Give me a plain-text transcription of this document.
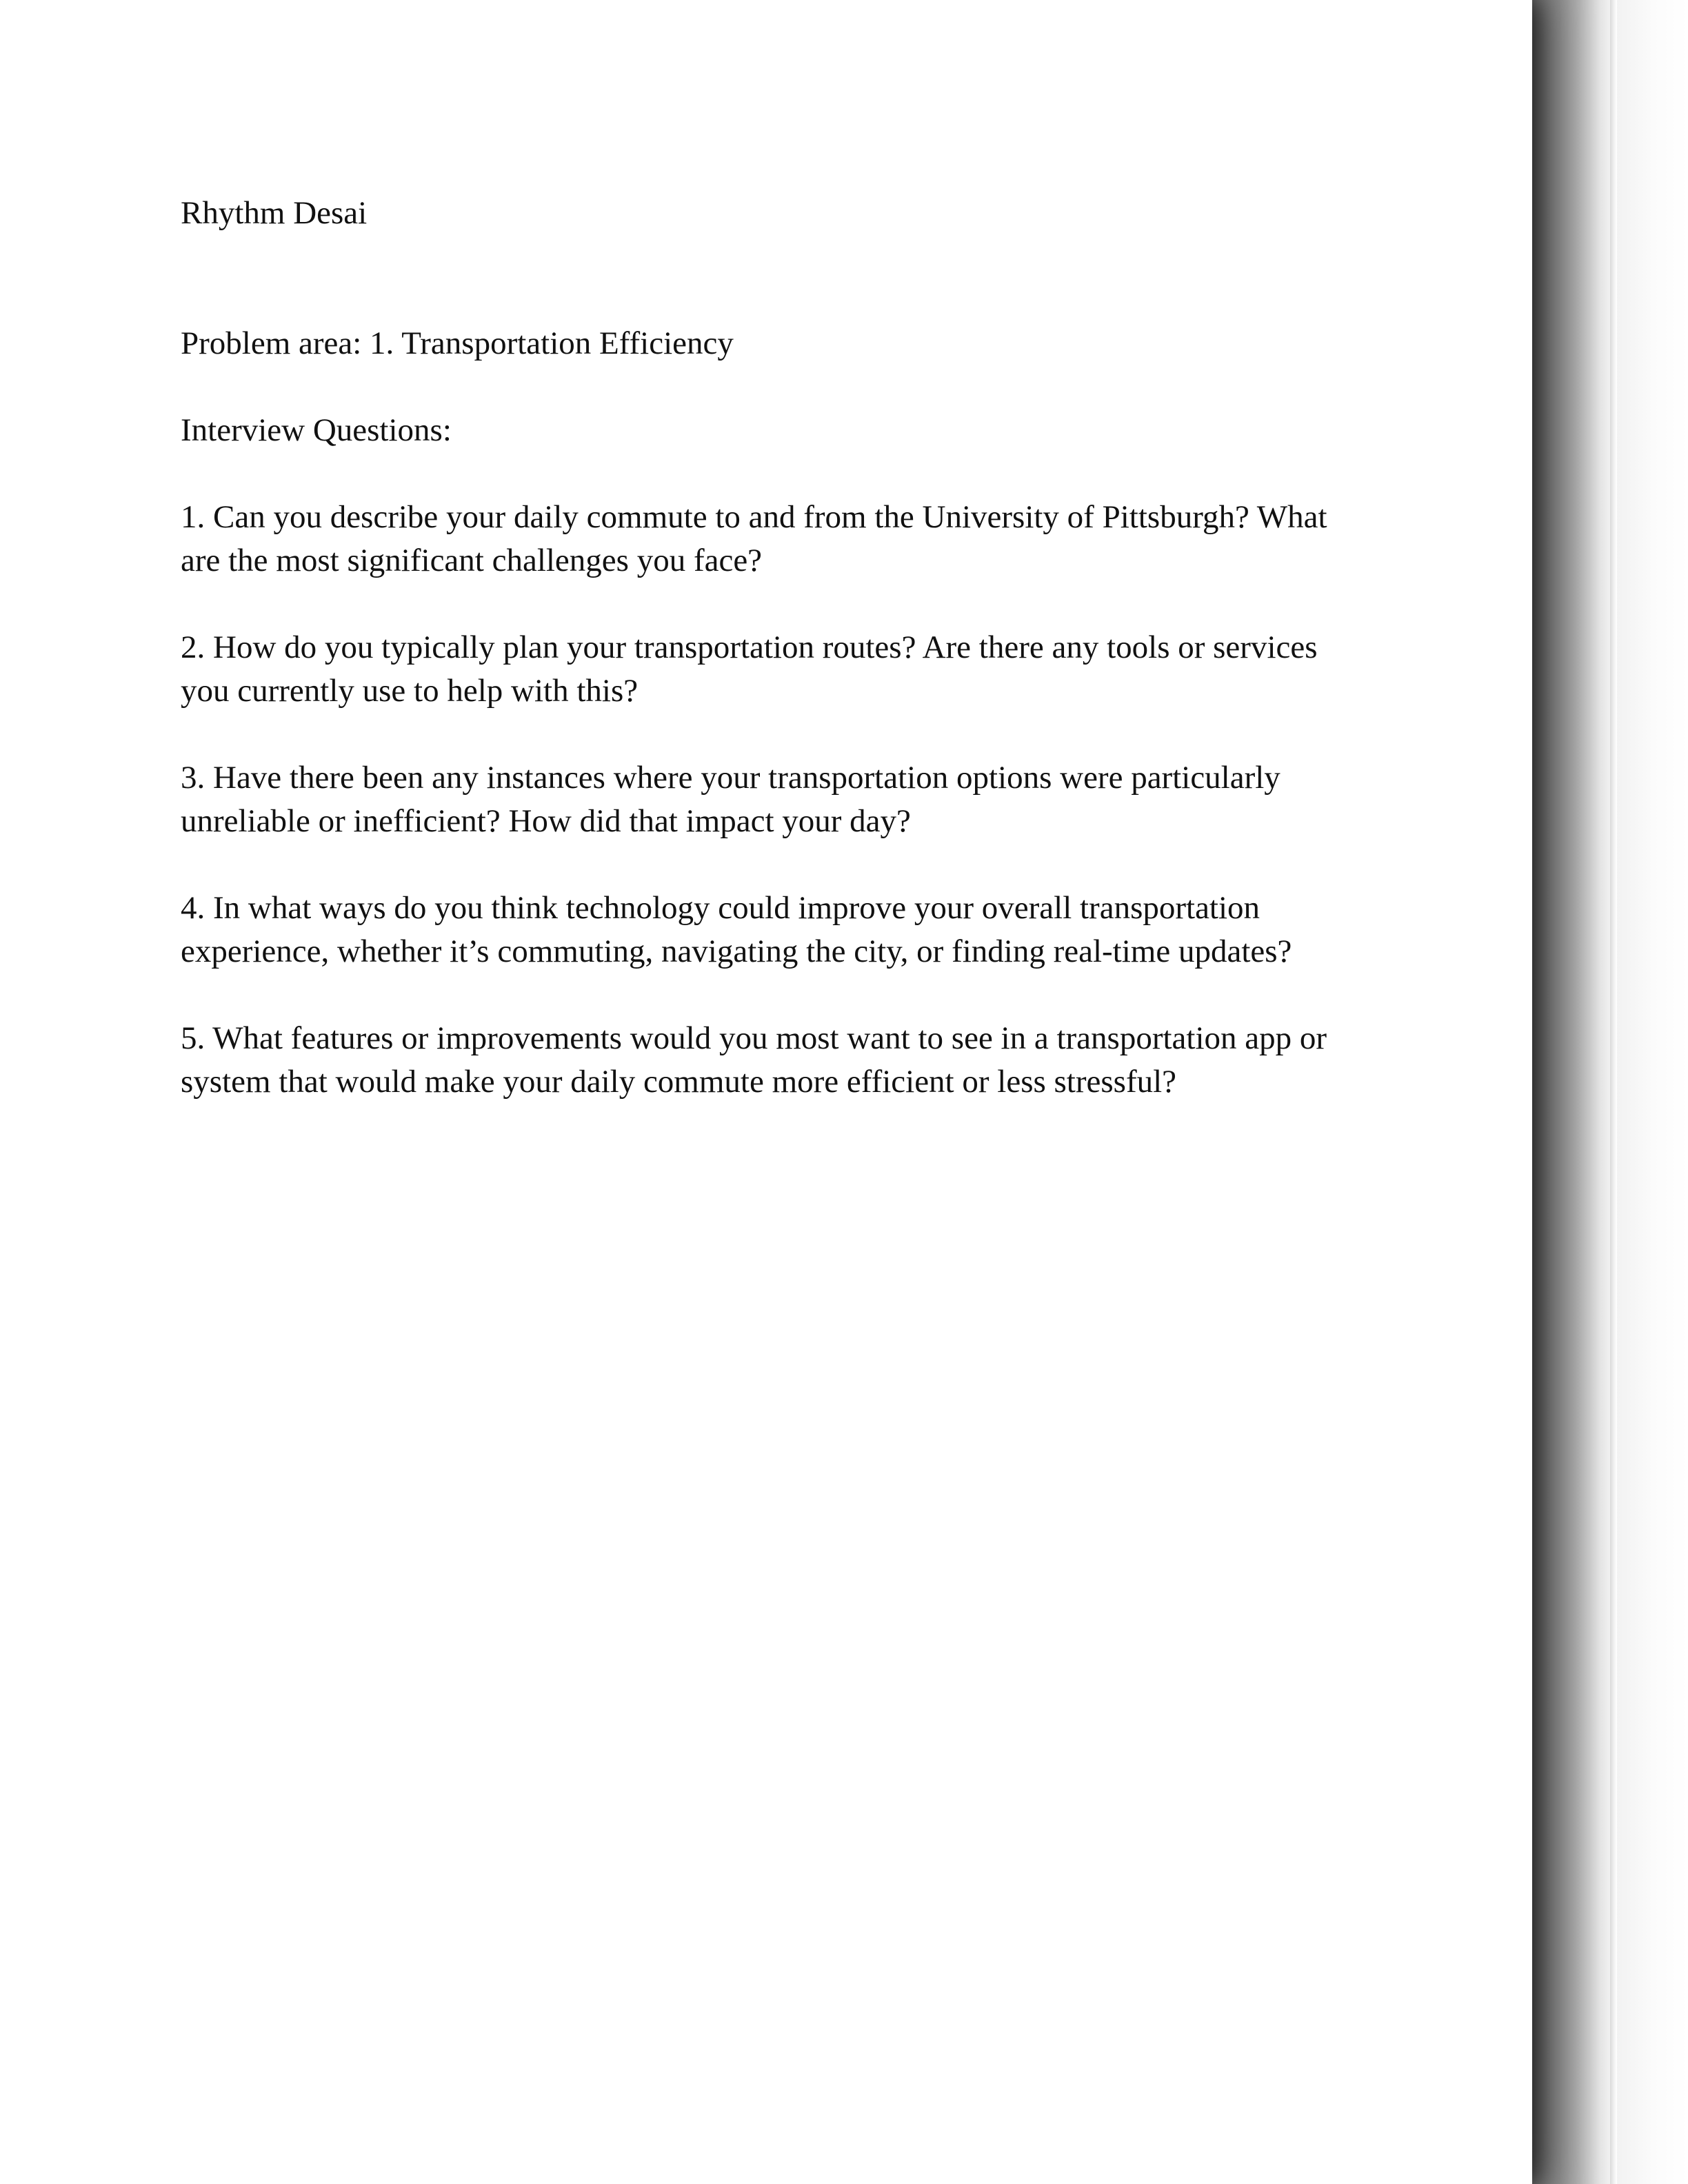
Rhythm Desai

Problem area: 1. Transportation Efficiency

Interview Questions:

1. Can you describe your daily commute to and from the University of Pittsburgh? What are the most significant challenges you face?

2. How do you typically plan your transportation routes? Are there any tools or services you currently use to help with this?

3. Have there been any instances where your transportation options were particularly unreliable or inefficient? How did that impact your day?

4. In what ways do you think technology could improve your overall transportation experience, whether it’s commuting, navigating the city, or finding real-time updates?

5. What features or improvements would you most want to see in a transportation app or system that would make your daily commute more efficient or less stressful?
